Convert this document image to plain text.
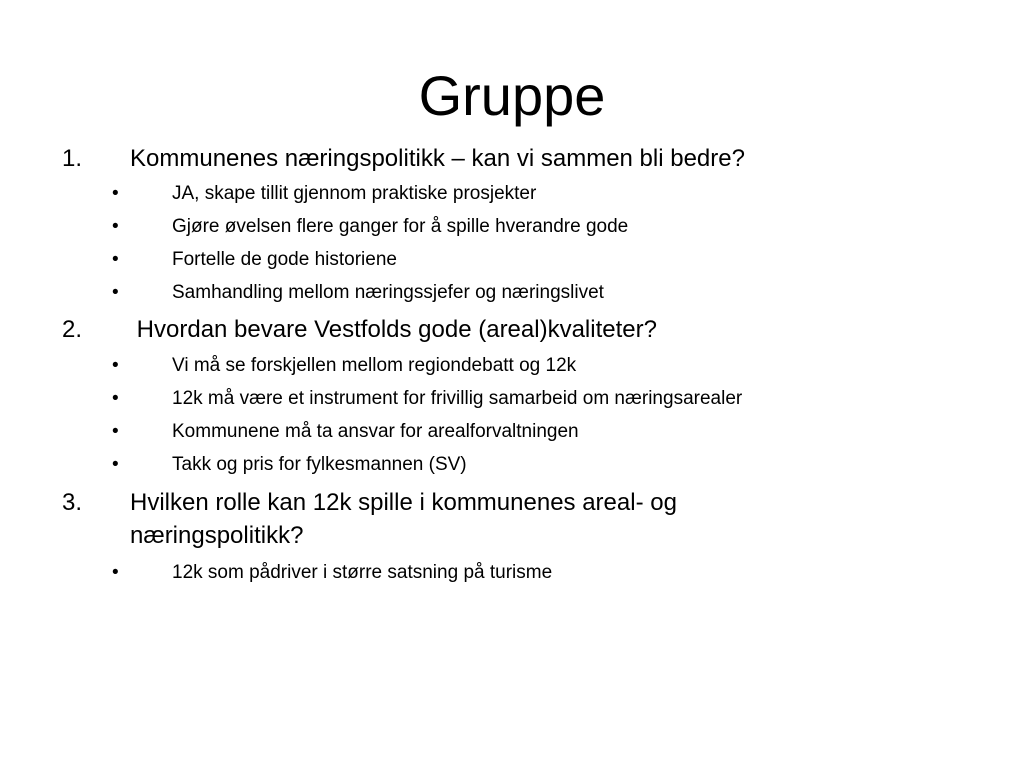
Gruppe
1. Kommunenes næringspolitikk – kan vi sammen bli bedre?
•	JA, skape tillit gjennom praktiske prosjekter
•	Gjøre øvelsen flere ganger for å spille hverandre gode
•	Fortelle de gode historiene
•	Samhandling mellom næringssjefer og næringslivet
2. Hvordan bevare Vestfolds gode (areal)kvaliteter?
•	Vi må se forskjellen mellom regiondebatt og 12k
•	12k må være et instrument for frivillig samarbeid om næringsarealer
•	Kommunene må ta ansvar for arealforvaltningen
•	Takk og pris for fylkesmannen (SV)
3. Hvilken rolle kan 12k spille i kommunenes areal- og
næringspolitikk?
•	12k som pådriver i større satsning på turisme
